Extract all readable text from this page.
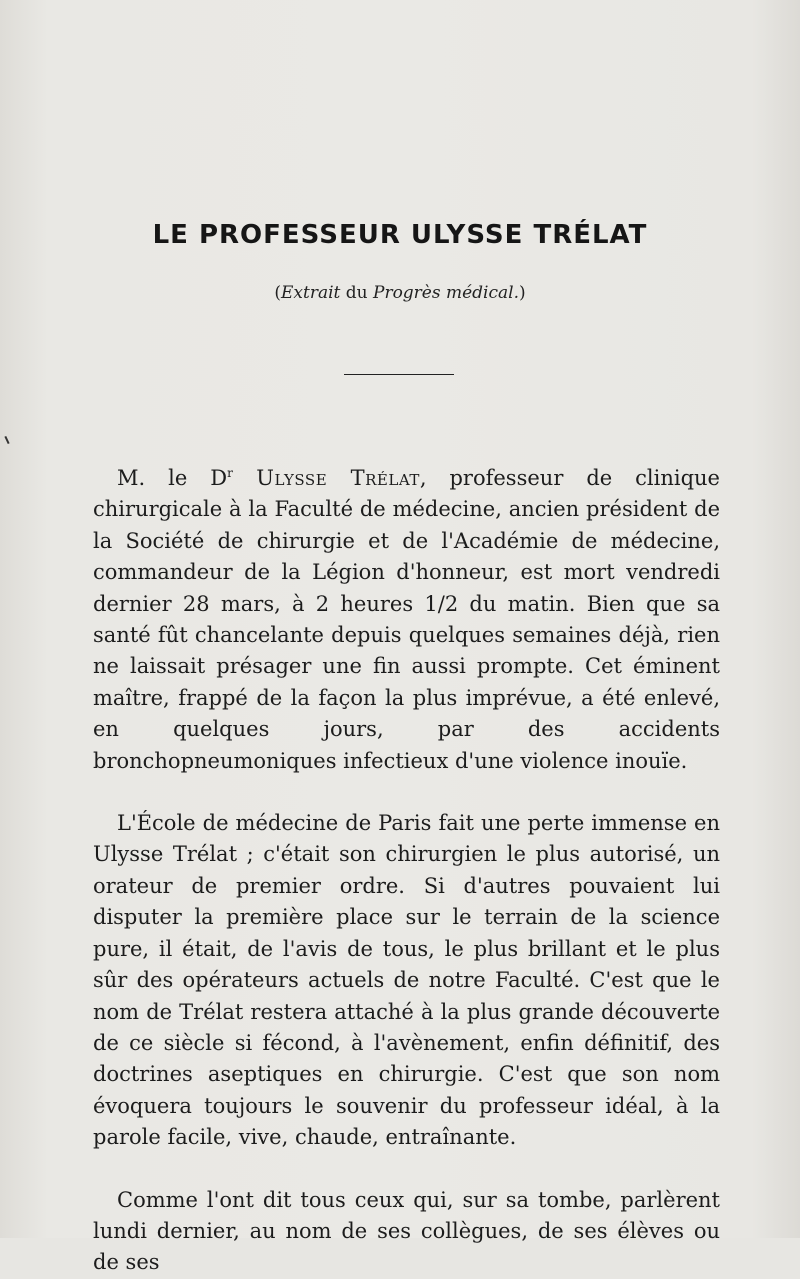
LE PROFESSEUR ULYSSE TRÉLAT
(Extrait du Progrès médical.)

M. le $D^r$ Ulysse Trélat, professeur de clinique chirurgicale à la Faculté de médecine, ancien président de la Société de chirurgie et de l'Académie de médecine, commandeur de la Légion d'honneur, est mort vendredi dernier 28 mars, à 2 heures 1/2 du matin. Bien que sa santé fût chancelante depuis quelques semaines déjà, rien ne laissait présager une fin aussi prompte. Cet éminent maître, frappé de la façon la plus imprévue, a été enlevé, en quelques jours, par des accidents bronchopneumoniques infectieux d'une violence inouïe.

L'École de médecine de Paris fait une perte immense en Ulysse Trélat ; c'était son chirurgien le plus autorisé, un orateur de premier ordre. Si d'autres pouvaient lui disputer la première place sur le terrain de la science pure, il était, de l'avis de tous, le plus brillant et le plus sûr des opérateurs actuels de notre Faculté. C'est que le nom de Trélat restera attaché à la plus grande découverte de ce siècle si fécond, à l'avènement, enfin définitif, des doctrines aseptiques en chirurgie. C'est que son nom évoquera toujours le souvenir du professeur idéal, à la parole facile, vive, chaude, entraînante.

Comme l'ont dit tous ceux qui, sur sa tombe, parlèrent lundi dernier, au nom de ses collègues, de ses élèves ou de ses
